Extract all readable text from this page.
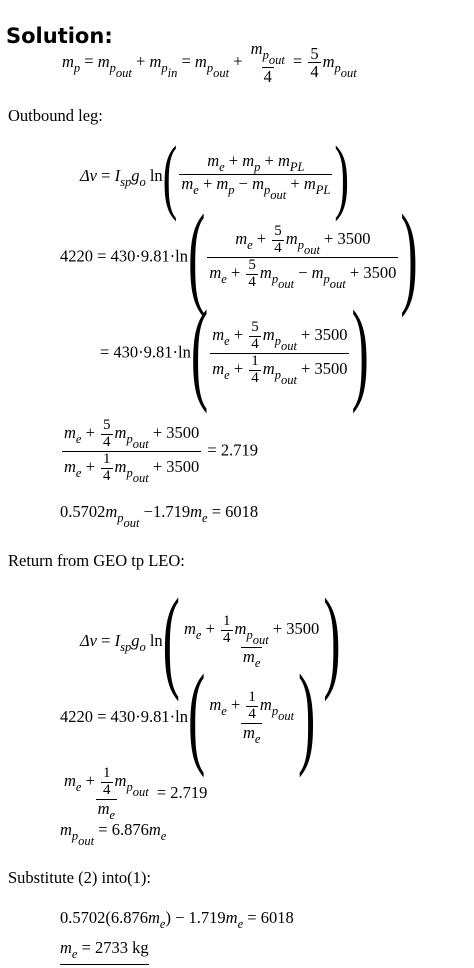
Solution:
$m_p = m_{p_{out}} + m_{p_{in}} = m_{p_{out}} + \frac{m_{p_{out}}}{4} = \frac{5}{4} m_{p_{out}}$
Outbound leg:
$\Delta v = I_{sp}g_o$ $\ln( \frac{m_e + m_p + m_{PL}}{m_e + m_p - m_{p_{out}} + m_{PL}}$ )
$4220 = 430\cdot 9.81\cdot\ln( \frac{m_e + \frac{5}{4} m_{p_{out}} + 3500}{m_e + \frac{5}{4} m_{p_{out}} - m_{p_{out}} + 3500}$ )
= $430\cdot 9.81\cdot\ln( \frac{m_e + \frac{5}{4} m_{p_{out}} + 3500}{m_e + \frac{1}{4} m_{p_{out}} + 3500}$ )
$\frac{m_e + \frac{5}{4} m_{p_{out}} + 3500}{m_e + \frac{1}{4} m_{p_{out}} + 3500} = 2.719$
$0.5702m_{p_{out}} -1.719m_e = 6018$
Return from GEO tp LEO:
$\Delta v = I_{sp}g_o$ $\ln( \frac{m_e + \frac{1}{4} m_{p_{out}} + 3500}{m_e}$ )
$4220 = 430\cdot 9.81\cdot\ln( \frac{m_e + \frac{1}{4} m_{p_{out}}}{m_e}$ )
$\frac{m_e + \frac{1}{4} m_{p_{out}}}{m_e} = 2.719$
$m_{p_{out}} = 6.876m_e$
Substitute (2) into(1):
$0.5702(6.876m_e) - 1.719m_e = 6018$
$m_e = 2733$ kg
